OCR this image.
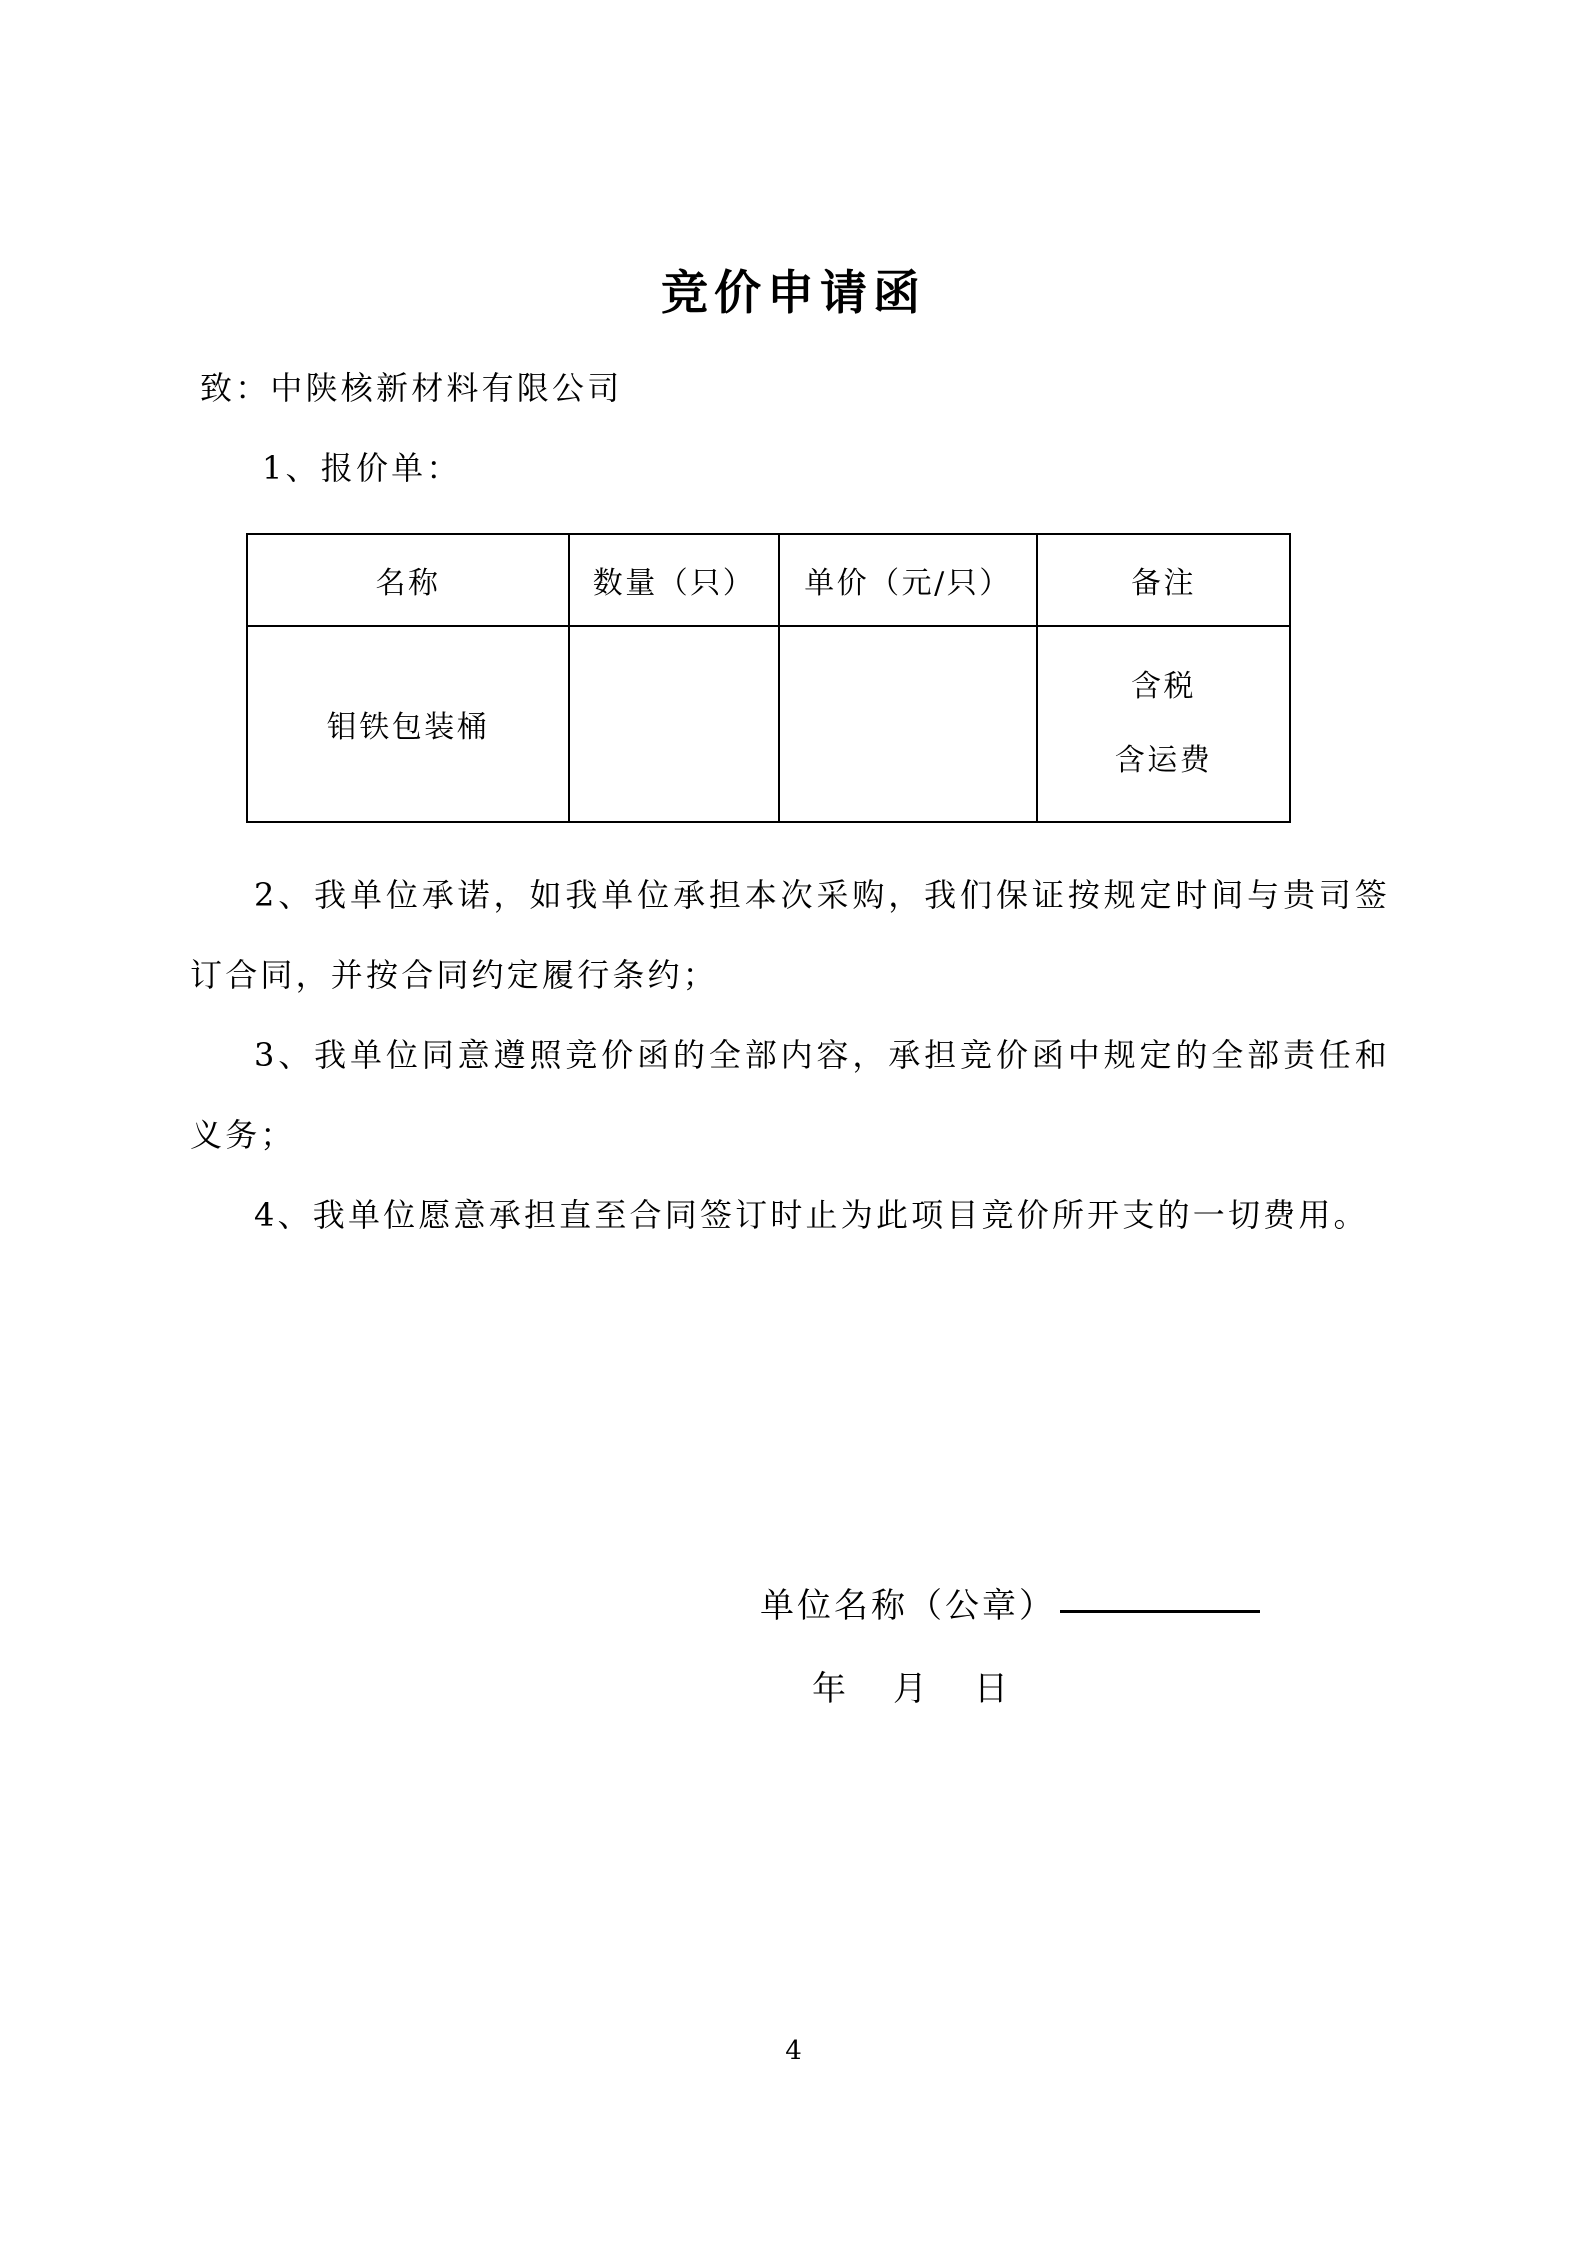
竞价申请函
致：中陕核新材料有限公司
1、报价单：
名称	数量（只）	单价（元/只）	备注
钼铁包装桶			含税
含运费
2、我单位承诺，如我单位承担本次采购，我们保证按规定时间与贵司签订合同，并按合同约定履行条约；
3、我单位同意遵照竞价函的全部内容，承担竞价函中规定的全部责任和义务；
4、我单位愿意承担直至合同签订时止为此项目竞价所开支的一切费用。
单位名称（公章）
年 月 日
4
